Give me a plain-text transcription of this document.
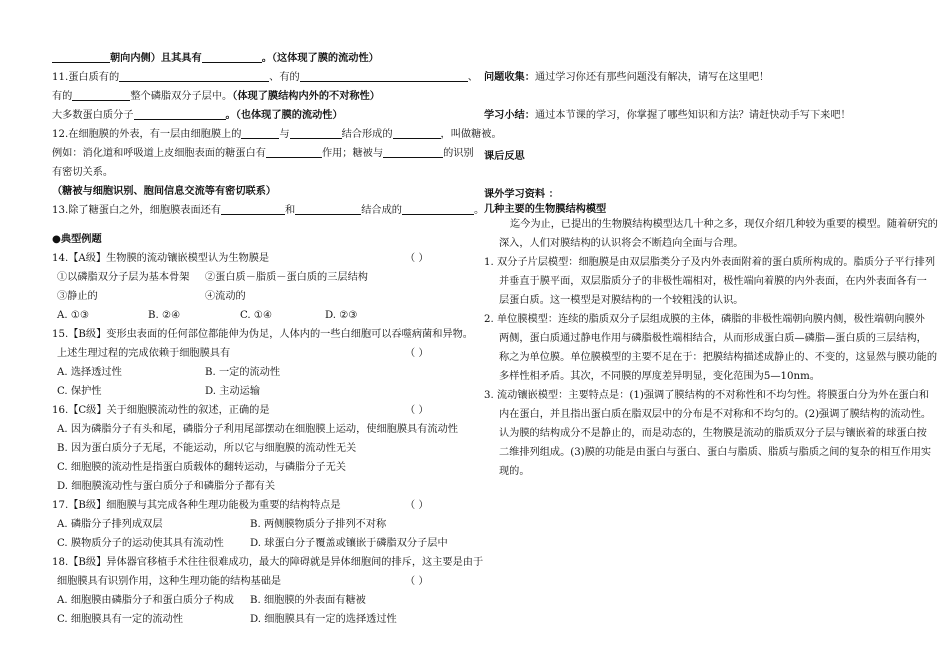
朝向内侧）且其具有	。（这体现了膜的流动性）
11.蛋白质有的	、有的	、
有的	整个磷脂双分子层中。（体现了膜结构内外的不对称性）
大多数蛋白质分子	。（也体现了膜的流动性）
12.在细胞膜的外表，有一层由细胞膜上的	与	结合形成的	，叫做糖被。
例如：消化道和呼吸道上皮细胞表面的糖蛋白有	作用；糖被与	的识别
有密切关系。
（糖被与细胞识别、胞间信息交流等有密切联系）
13.除了糖蛋白之外，细胞膜表面还有	和	结合成的	。
●典型例题
14.【A级】生物膜的流动镶嵌模型认为生物膜是	（ ）
①以磷脂双分子层为基本骨架 ②蛋白质－脂质－蛋白质的三层结构
③静止的	④流动的
A. ①③	B. ②④	C. ①④	D. ②③
15.【B级】变形虫表面的任何部位都能伸为伪足，人体内的一些白细胞可以吞噬病菌和异物。
上述生理过程的完成依赖于细胞膜具有	（ ）
A. 选择透过性	B. 一定的流动性
C. 保护性	D. 主动运输
16.【C级】关于细胞膜流动性的叙述，正确的是	（ ）
A. 因为磷脂分子有头和尾，磷脂分子利用尾部摆动在细胞膜上运动，使细胞膜具有流动性
B. 因为蛋白质分子无尾，不能运动，所以它与细胞膜的流动性无关
C. 细胞膜的流动性是指蛋白质载体的翻转运动，与磷脂分子无关
D. 细胞膜流动性与蛋白质分子和磷脂分子都有关
17.【B级】细胞膜与其完成各种生理功能极为重要的结构特点是	（ ）
A. 磷脂分子排列成双层	B. 两侧膜物质分子排列不对称
C. 膜物质分子的运动使其具有流动性	D. 球蛋白分子覆盖或镶嵌于磷脂双分子层中
18.【B级】异体器官移植手术往往很难成功，最大的障碍就是异体细胞间的排斥，这主要是由于
细胞膜具有识别作用，这种生理功能的结构基础是	（ ）
A. 细胞膜由磷脂分子和蛋白质分子构成 B. 细胞膜的外表面有糖被
C. 细胞膜具有一定的流动性	D. 细胞膜具有一定的选择透过性
问题收集：通过学习你还有那些问题没有解决，请写在这里吧！
学习小结：通过本节课的学习，你掌握了哪些知识和方法？请赶快动手写下来吧！
课后反思
课外学习资料 ：
几种主要的生物膜结构模型
迄今为止，已提出的生物膜结构模型达几十种之多，现仅介绍几种较为重要的模型。随着研究的
深入，人们对膜结构的认识将会不断趋向全面与合理。
1. 双分子片层模型：细胞膜是由双层脂类分子及内外表面附着的蛋白质所构成的。脂质分子平行排列
并垂直于膜平面，双层脂质分子的非极性端相对，极性端向着膜的内外表面，在内外表面各有一
层蛋白质。这一模型是对膜结构的一个较粗浅的认识。
2. 单位膜模型：连续的脂质双分子层组成膜的主体，磷脂的非极性端朝向膜内侧，极性端朝向膜外
两侧，蛋白质通过静电作用与磷脂极性端相结合，从而形成蛋白质—磷脂—蛋白质的三层结构，
称之为单位膜。单位膜模型的主要不足在于：把膜结构描述成静止的、不变的，这显然与膜功能的
多样性相矛盾。其次，不同膜的厚度差异明显，变化范围为5—10nm。
3. 流动镶嵌模型：主要特点是：(1)强调了膜结构的不对称性和不均匀性。将膜蛋白分为外在蛋白和
内在蛋白，并且指出蛋白质在脂双层中的分布是不对称和不均匀的。(2)强调了膜结构的流动性。
认为膜的结构成分不是静止的，而是动态的，生物膜是流动的脂质双分子层与镶嵌着的球蛋白按
二维排列组成。(3)膜的功能是由蛋白与蛋白、蛋白与脂质、脂质与脂质之间的复杂的相互作用实
现的。
